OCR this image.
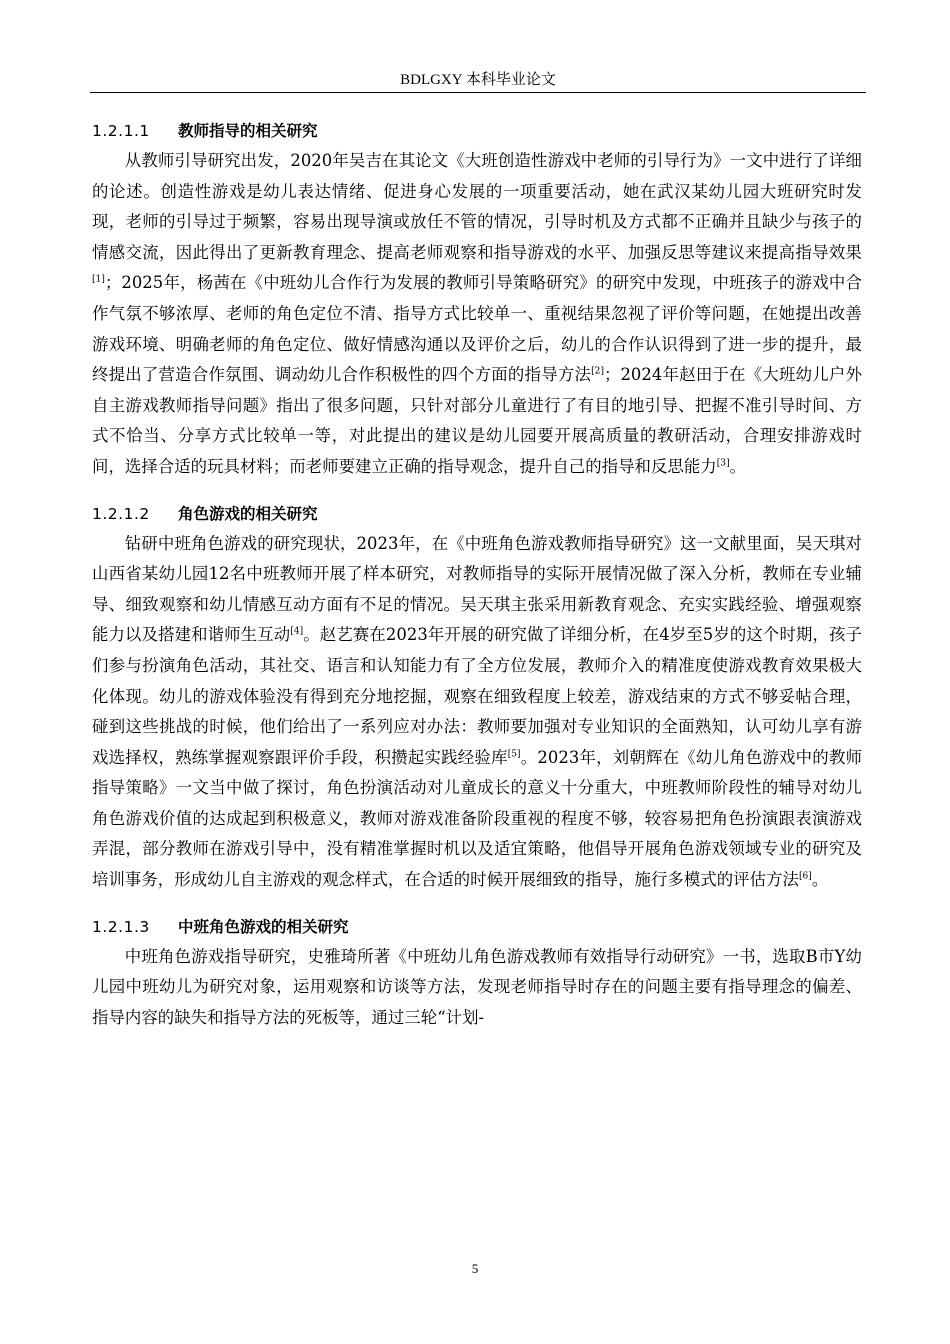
BDLGXY 本科毕业论文
1.2.1.1 教师指导的相关研究

从教师引导研究出发，2020年吴吉在其论文《大班创造性游戏中老师的引导行为》一文中进行了详细的论述。创造性游戏是幼儿表达情绪、促进身心发展的一项重要活动，她在武汉某幼儿园大班研究时发现，老师的引导过于频繁，容易出现导演或放任不管的情况，引导时机及方式都不正确并且缺少与孩子的情感交流，因此得出了更新教育理念、提高老师观察和指导游戏的水平、加强反思等建议来提高指导效果[1]；2025年，杨茜在《中班幼儿合作行为发展的教师引导策略研究》的研究中发现，中班孩子的游戏中合作气氛不够浓厚、老师的角色定位不清、指导方式比较单一、重视结果忽视了评价等问题，在她提出改善游戏环境、明确老师的角色定位、做好情感沟通以及评价之后，幼儿的合作认识得到了进一步的提升，最终提出了营造合作氛围、调动幼儿合作积极性的四个方面的指导方法[2]；2024年赵田于在《大班幼儿户外自主游戏教师指导问题》指出了很多问题，只针对部分儿童进行了有目的地引导、把握不准引导时间、方式不恰当、分享方式比较单一等，对此提出的建议是幼儿园要开展高质量的教研活动，合理安排游戏时间，选择合适的玩具材料；而老师要建立正确的指导观念，提升自己的指导和反思能力[3]。

1.2.1.2 角色游戏的相关研究

钻研中班角色游戏的研究现状，2023年，在《中班角色游戏教师指导研究》这一文献里面，吴天琪对山西省某幼儿园12名中班教师开展了样本研究，对教师指导的实际开展情况做了深入分析，教师在专业辅导、细致观察和幼儿情感互动方面有不足的情况。吴天琪主张采用新教育观念、充实实践经验、增强观察能力以及搭建和谐师生互动[4]。赵艺赛在2023年开展的研究做了详细分析，在4岁至5岁的这个时期，孩子们参与扮演角色活动，其社交、语言和认知能力有了全方位发展，教师介入的精准度使游戏教育效果极大化体现。幼儿的游戏体验没有得到充分地挖掘，观察在细致程度上较差，游戏结束的方式不够妥帖合理，碰到这些挑战的时候，他们给出了一系列应对办法：教师要加强对专业知识的全面熟知，认可幼儿享有游戏选择权，熟练掌握观察跟评价手段，积攒起实践经验库[5]。2023年，刘朝辉在《幼儿角色游戏中的教师指导策略》一文当中做了探讨，角色扮演活动对儿童成长的意义十分重大，中班教师阶段性的辅导对幼儿角色游戏价值的达成起到积极意义，教师对游戏准备阶段重视的程度不够，较容易把角色扮演跟表演游戏弄混，部分教师在游戏引导中，没有精准掌握时机以及适宜策略，他倡导开展角色游戏领域专业的研究及培训事务，形成幼儿自主游戏的观念样式，在合适的时候开展细致的指导，施行多模式的评估方法[6]。

1.2.1.3 中班角色游戏的相关研究

中班角色游戏指导研究，史雅琦所著《中班幼儿角色游戏教师有效指导行动研究》一书，选取B市Y幼儿园中班幼儿为研究对象，运用观察和访谈等方法，发现老师指导时存在的问题主要有指导理念的偏差、指导内容的缺失和指导方法的死板等，通过三轮“计划-

5
